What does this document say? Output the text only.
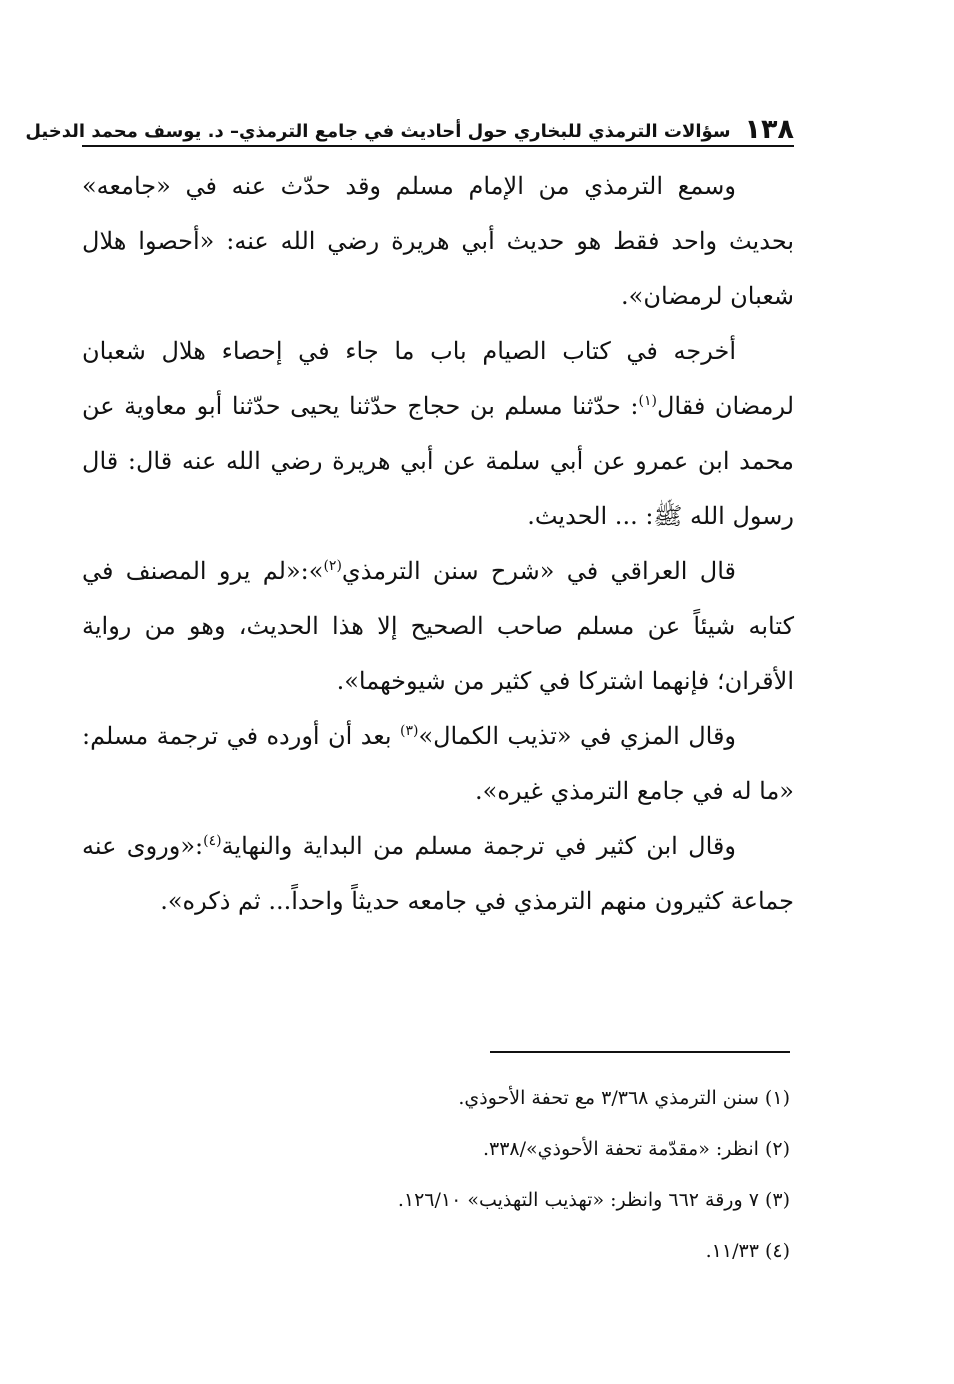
١٣٨
سؤالات الترمذي للبخاري حول أحاديث في جامع الترمذي– د. يوسف محمد الدخيل

وسمع الترمذي من الإمام مسلم وقد حدّث عنه في «جامعه» بحديث واحد فقط هو حديث أبي هريرة رضي الله عنه: «أحصوا هلال شعبان لرمضان».

أخرجه في كتاب الصيام باب ما جاء في إحصاء هلال شعبان لرمضان فقال$^{(١)}$: حدّثنا مسلم بن حجاج حدّثنا يحيى حدّثنا أبو معاوية عن محمد ابن عمرو عن أبي سلمة عن أبي هريرة رضي الله عنه قال: قال رسول الله ﷺ: ... الحديث.

قال العراقي في «شرح سنن الترمذي$^{(٢)}$»:«لم يرو المصنف في كتابه شيئاً عن مسلم صاحب الصحيح إلا هذا الحديث، وهو من رواية الأقران؛ فإنهما اشتركا في كثير من شيوخهما».

وقال المزي في «تذيب الكمال»$^{(٣)}$ بعد أن أورده في ترجمة مسلم: «ما له في جامع الترمذي غيره».

وقال ابن كثير في ترجمة مسلم من البداية والنهاية$^{(٤)}$:«وروى عنه جماعة كثيرون منهم الترمذي في جامعه حديثاً واحداً... ثم ذكره».

(١) سنن الترمذي ٣/٣٦٨ مع تحفة الأحوذي.

(٢) انظر: «مقدّمة تحفة الأحوذي»/٣٣٨.

(٣) ٧ ورقة ٦٦٢ وانظر: «تهذيب التهذيب» ١٢٦/١٠.

(٤) ١١/٣٣.
